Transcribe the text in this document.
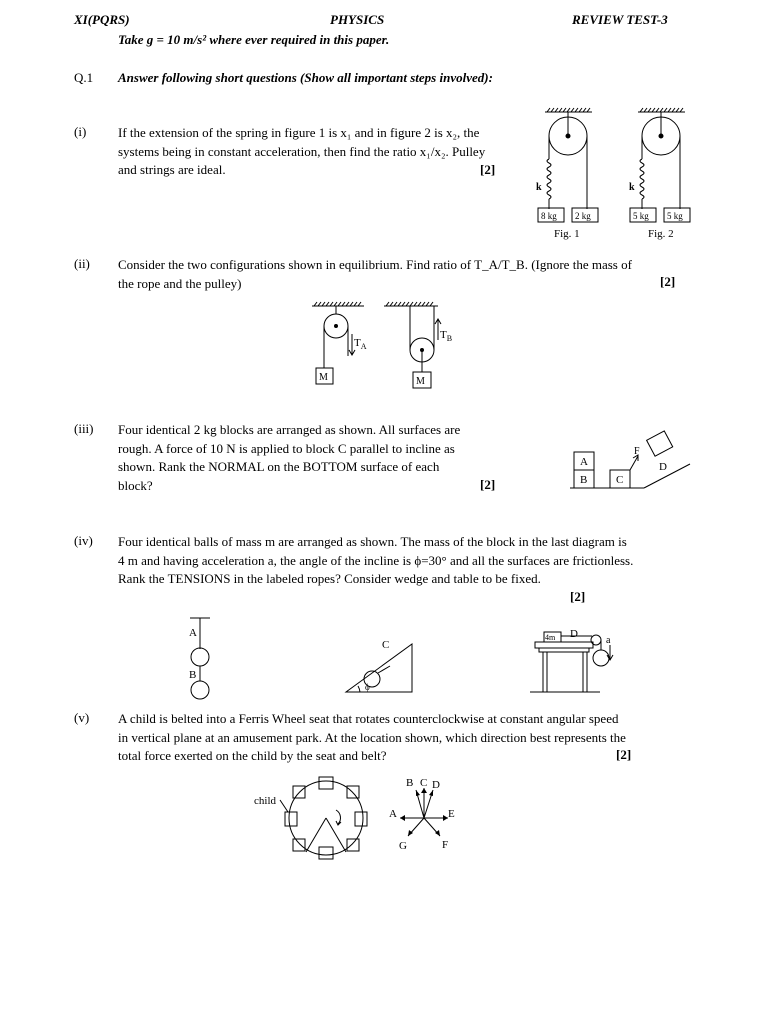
XI(PQRS)	PHYSICS	REVIEW TEST-3
Take g = 10 m/s² where ever required in this paper.
Q.1 Answer following short questions (Show all important steps involved):
(i) If the extension of the spring in figure 1 is x₁ and in figure 2 is x₂, the
systems being in constant acceleration, then find the ratio x₁/x₂. Pulley
and strings are ideal.	[2]
k
8 kg 2 kg
Fig. 1
k
5 kg 5 kg
Fig. 2
(ii) Consider the two configurations shown in equilibrium. Find ratio of T_A/T_B. (Ignore the mass of
the rope and the pulley)	[2]
$T_A$
$T_B$
M	M
(iii) Four identical 2 kg blocks are arranged as shown. All surfaces are
rough. A force of 10 N is applied to block C parallel to incline as
shown. Rank the NORMAL on the BOTTOM surface of each
block?	[2]
A
B	C
D
F
(iv) Four identical balls of mass m are arranged as shown. The mass of the block in the last diagram is
4 m and having acceleration a, the angle of the incline is ϕ=30° and all the surfaces are frictionless.
Rank the TENSIONS in the labeled ropes? Consider wedge and table to be fixed.
[2]
A
B
C
ϕ
D
4m	a
(v) A child is belted into a Ferris Wheel seat that rotates counterclockwise at constant angular speed
in vertical plane at an amusement park. At the location shown, which direction best represents the
total force exerted on the child by the seat and belt?	[2]
child
A
B C D
E
F
G
